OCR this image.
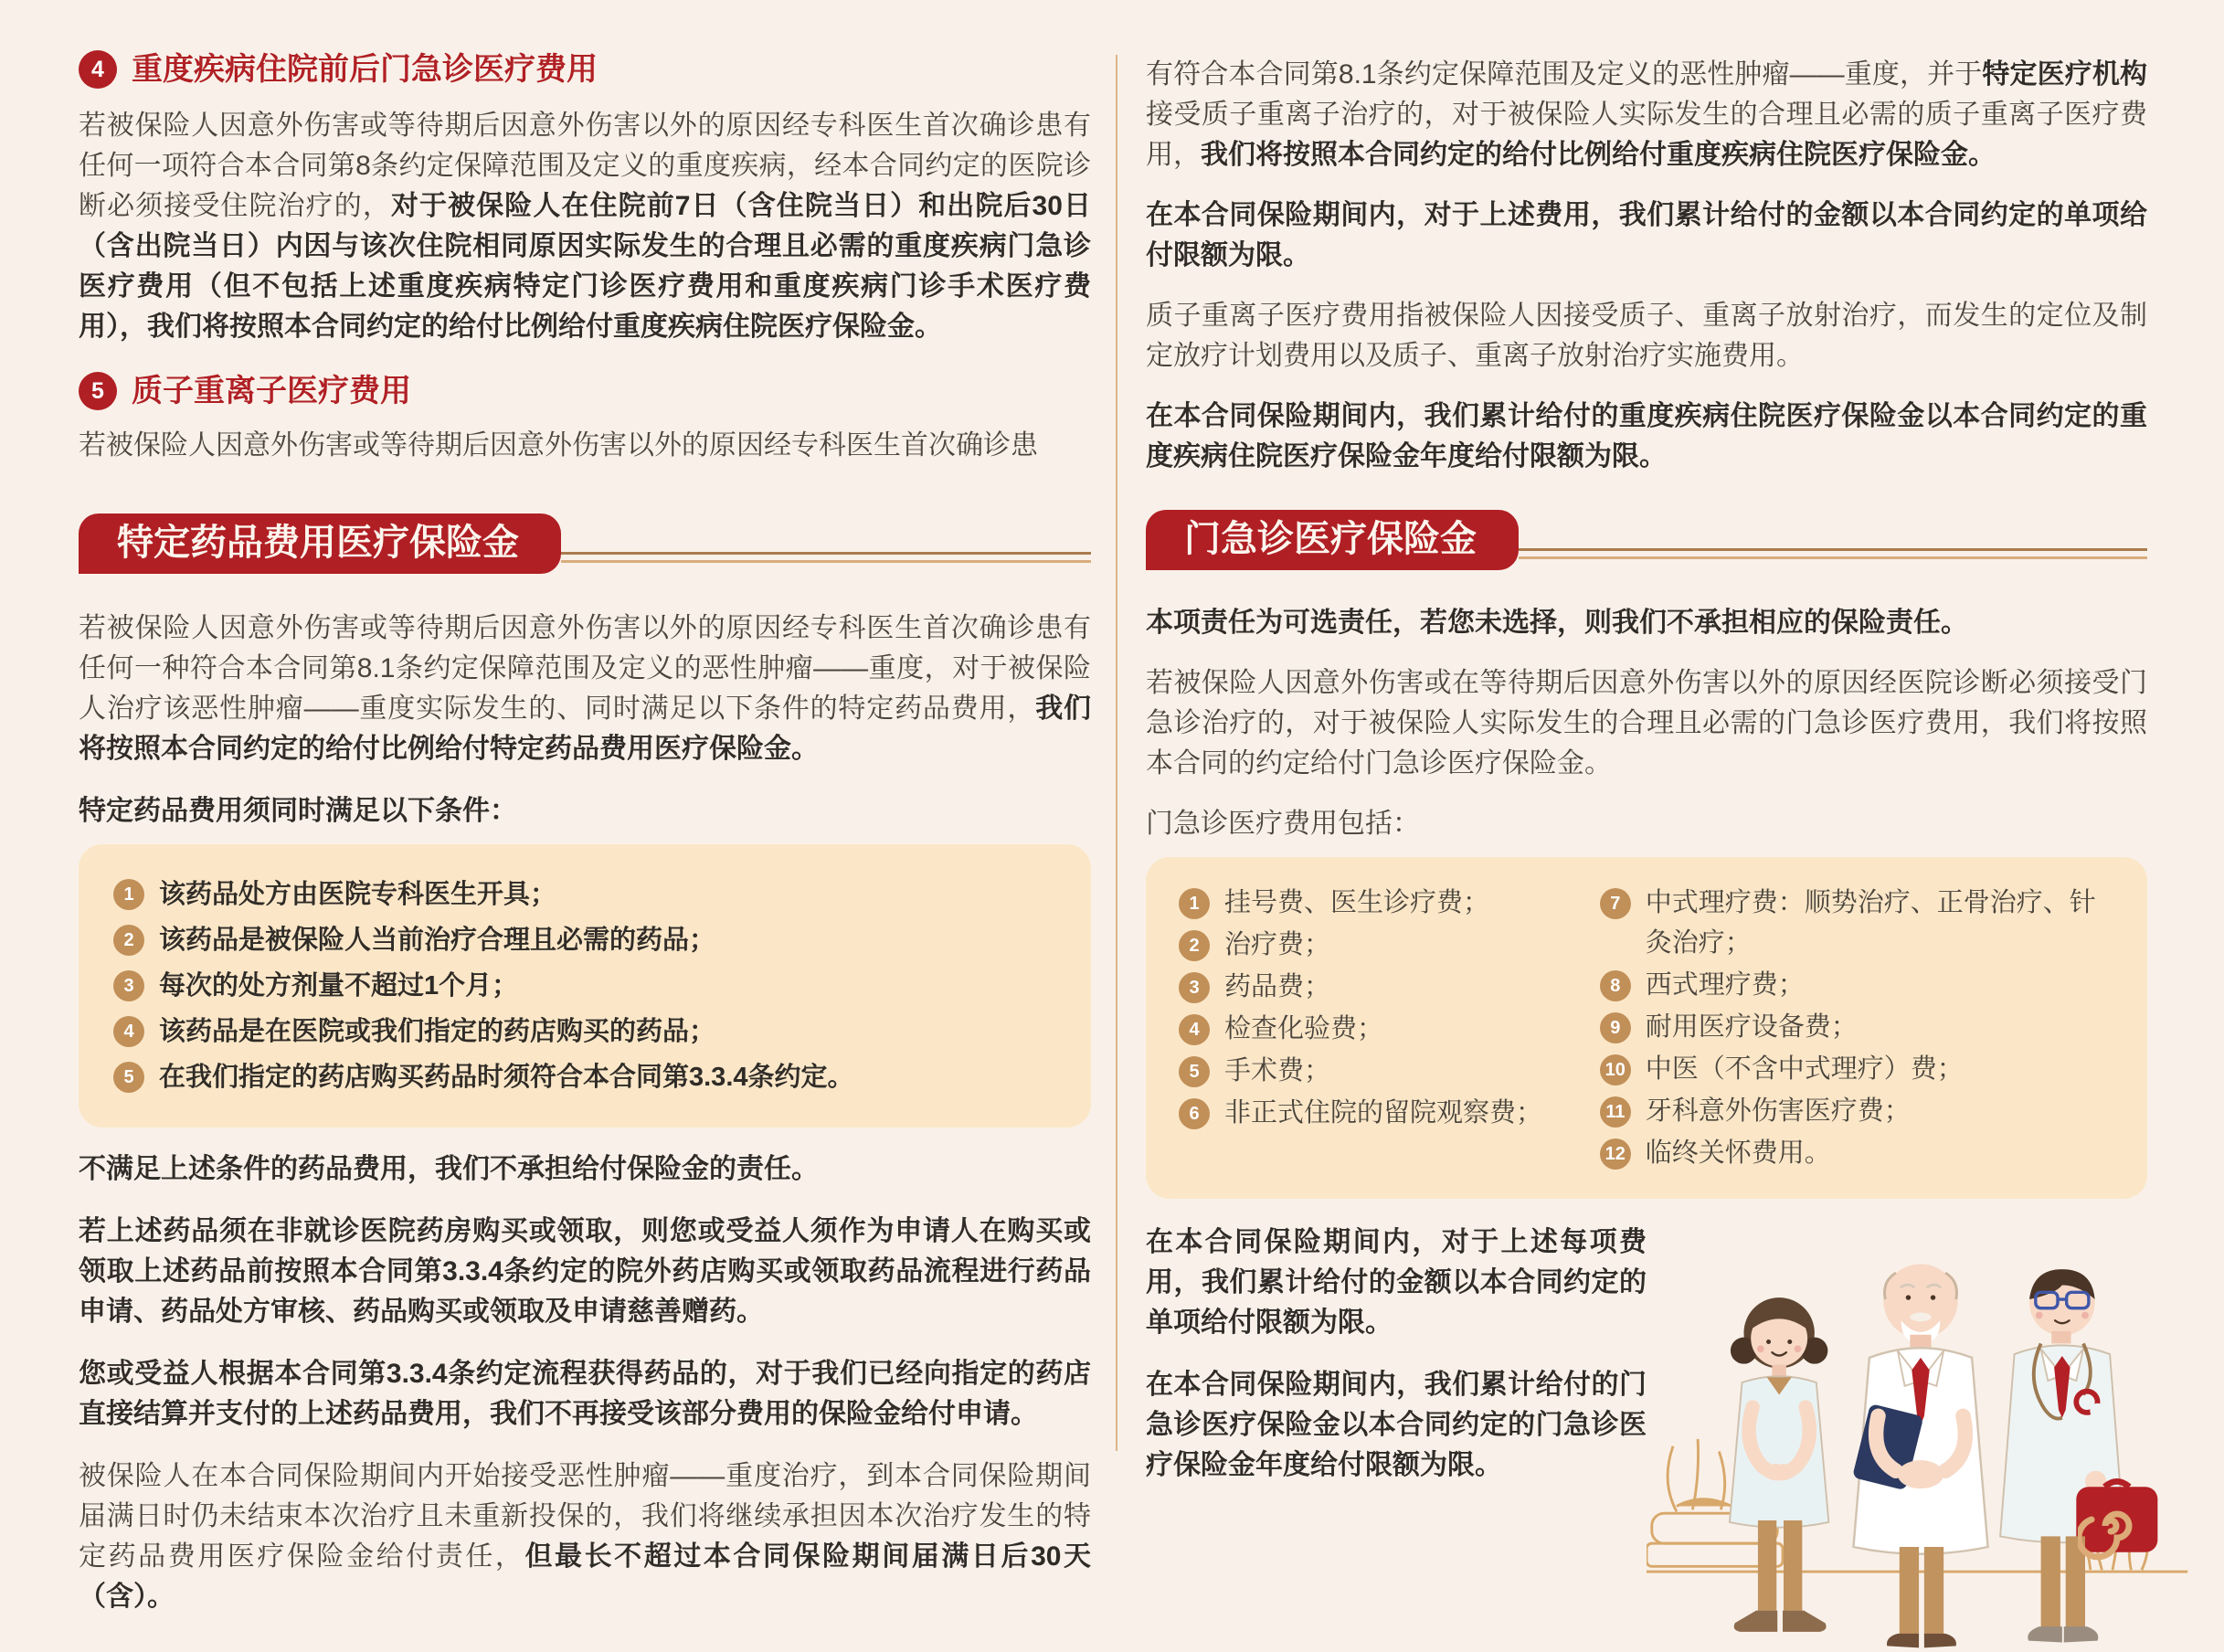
4 重度疾病住院前后门急诊医疗费用

若被保险人因意外伤害或等待期后因意外伤害以外的原因经专科医生首次确诊患有任何一项符合本合同第8条约定保障范围及定义的重度疾病，经本合同约定的医院诊断必须接受住院治疗的，对于被保险人在住院前7日（含住院当日）和出院后30日（含出院当日）内因与该次住院相同原因实际发生的合理且必需的重度疾病门急诊医疗费用（但不包括上述重度疾病特定门诊医疗费用和重度疾病门诊手术医疗费用），我们将按照本合同约定的给付比例给付重度疾病住院医疗保险金。

5 质子重离子医疗费用

若被保险人因意外伤害或等待期后因意外伤害以外的原因经专科医生首次确诊患

特定药品费用医疗保险金

若被保险人因意外伤害或等待期后因意外伤害以外的原因经专科医生首次确诊患有任何一种符合本合同第8.1条约定保障范围及定义的恶性肿瘤——重度，对于被保险人治疗该恶性肿瘤——重度实际发生的、同时满足以下条件的特定药品费用，我们将按照本合同约定的给付比例给付特定药品费用医疗保险金。

特定药品费用须同时满足以下条件：
1 该药品处方由医院专科医生开具；
2 该药品是被保险人当前治疗合理且必需的药品；
3 每次的处方剂量不超过1个月；
4 该药品是在医院或我们指定的药店购买的药品；
5 在我们指定的药店购买药品时须符合本合同第3.3.4条约定。

不满足上述条件的药品费用，我们不承担给付保险金的责任。

若上述药品须在非就诊医院药房购买或领取，则您或受益人须作为申请人在购买或领取上述药品前按照本合同第3.3.4条约定的院外药店购买或领取药品流程进行药品申请、药品处方审核、药品购买或领取及申请慈善赠药。

您或受益人根据本合同第3.3.4条约定流程获得药品的，对于我们已经向指定的药店直接结算并支付的上述药品费用，我们不再接受该部分费用的保险金给付申请。

被保险人在本合同保险期间内开始接受恶性肿瘤——重度治疗，到本合同保险期间届满日时仍未结束本次治疗且未重新投保的，我们将继续承担因本次治疗发生的特定药品费用医疗保险金给付责任，但最长不超过本合同保险期间届满日后30天（含）。

有符合本合同第8.1条约定保障范围及定义的恶性肿瘤——重度，并于特定医疗机构接受质子重离子治疗的，对于被保险人实际发生的合理且必需的质子重离子医疗费用，我们将按照本合同约定的给付比例给付重度疾病住院医疗保险金。

在本合同保险期间内，对于上述费用，我们累计给付的金额以本合同约定的单项给付限额为限。

质子重离子医疗费用指被保险人因接受质子、重离子放射治疗，而发生的定位及制定放疗计划费用以及质子、重离子放射治疗实施费用。

在本合同保险期间内，我们累计给付的重度疾病住院医疗保险金以本合同约定的重度疾病住院医疗保险金年度给付限额为限。

门急诊医疗保险金

本项责任为可选责任，若您未选择，则我们不承担相应的保险责任。

若被保险人因意外伤害或在等待期后因意外伤害以外的原因经医院诊断必须接受门急诊治疗的，对于被保险人实际发生的合理且必需的门急诊医疗费用，我们将按照本合同的约定给付门急诊医疗保险金。

门急诊医疗费用包括：
1 挂号费、医生诊疗费；
2 治疗费；
3 药品费；
4 检查化验费；
5 手术费；
6 非正式住院的留院观察费；
7 中式理疗费：顺势治疗、正骨治疗、针灸治疗；
8 西式理疗费；
9 耐用医疗设备费；
10 中医（不含中式理疗）费；
11 牙科意外伤害医疗费；
12 临终关怀费用。

在本合同保险期间内，对于上述每项费用，我们累计给付的金额以本合同约定的单项给付限额为限。

在本合同保险期间内，我们累计给付的门急诊医疗保险金以本合同约定的门急诊医疗保险金年度给付限额为限。
